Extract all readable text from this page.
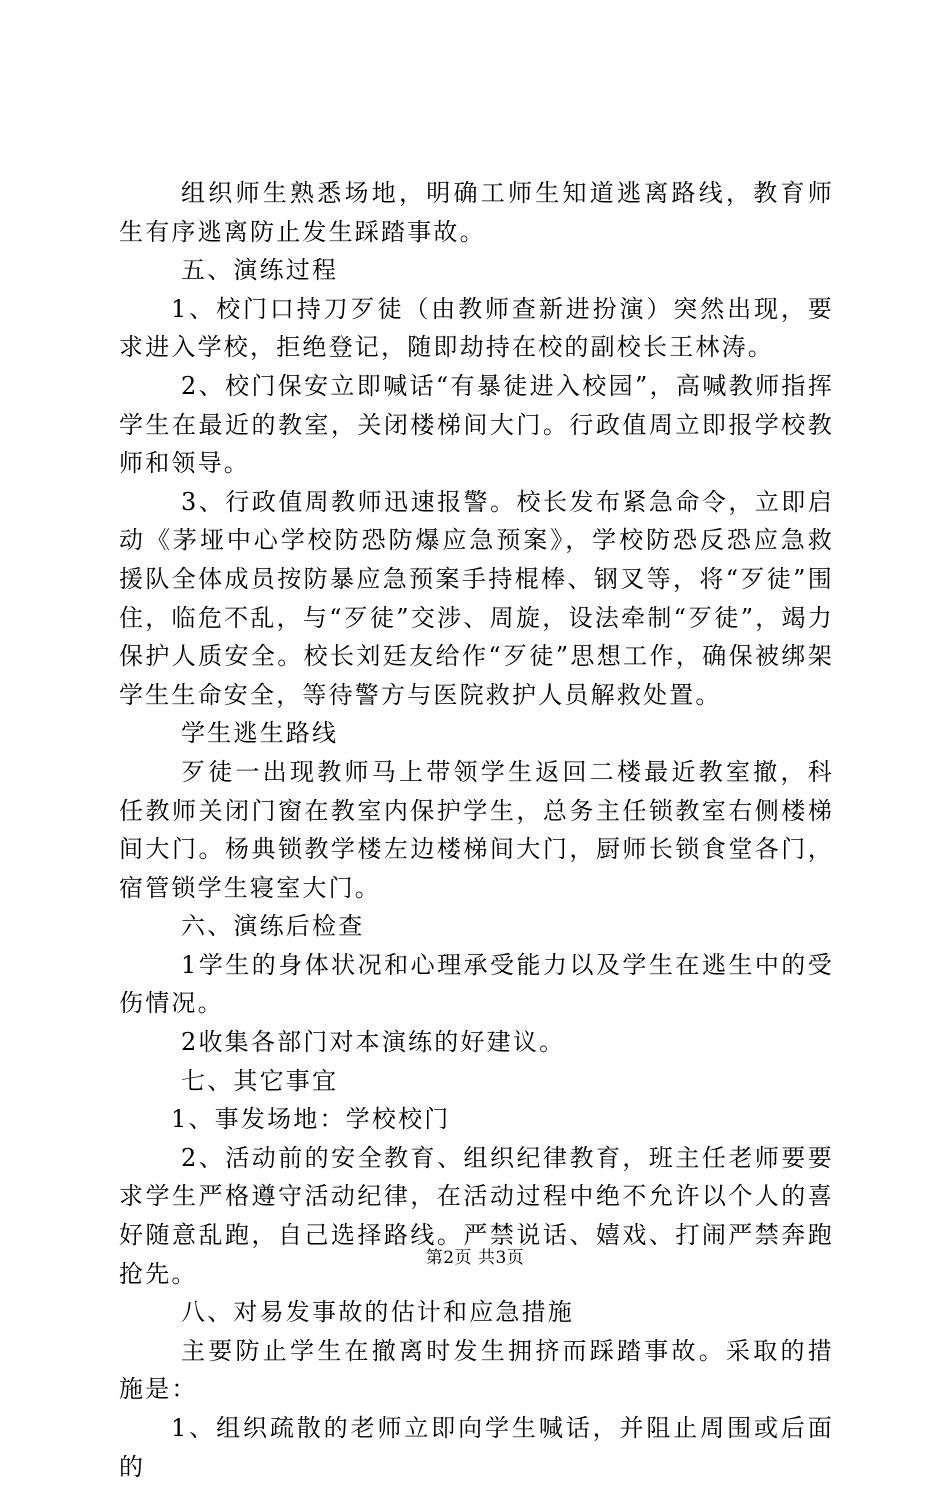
组织师生熟悉场地，明确工师生知道逃离路线，教育师生有序逃离防止发生踩踏事故。

五、演练过程

1、校门口持刀歹徒（由教师查新进扮演）突然出现，要求进入学校，拒绝登记，随即劫持在校的副校长王林涛。

2、校门保安立即喊话“有暴徒进入校园”，高喊教师指挥学生在最近的教室，关闭楼梯间大门。行政值周立即报学校教师和领导。

3、行政值周教师迅速报警。校长发布紧急命令，立即启动《茅垭中心学校防恐防爆应急预案》，学校防恐反恐应急救援队全体成员按防暴应急预案手持棍棒、钢叉等，将“歹徒”围住，临危不乱，与“歹徒”交涉、周旋，设法牵制“歹徒”，竭力保护人质安全。校长刘廷友给作“歹徒”思想工作，确保被绑架学生生命安全，等待警方与医院救护人员解救处置。

学生逃生路线

歹徒一出现教师马上带领学生返回二楼最近教室撤，科任教师关闭门窗在教室内保护学生，总务主任锁教室右侧楼梯间大门。杨典锁教学楼左边楼梯间大门，厨师长锁食堂各门，宿管锁学生寝室大门。

六、演练后检查

1学生的身体状况和心理承受能力以及学生在逃生中的受伤情况。

2收集各部门对本演练的好建议。

七、其它事宜

1、事发场地：学校校门

2、活动前的安全教育、组织纪律教育，班主任老师要要求学生严格遵守活动纪律，在活动过程中绝不允许以个人的喜好随意乱跑，自己选择路线。严禁说话、嬉戏、打闹严禁奔跑抢先。

八、对易发事故的估计和应急措施

主要防止学生在撤离时发生拥挤而踩踏事故。采取的措施是：

1、组织疏散的老师立即向学生喊话，并阻止周围或后面的

第2页 共3页
